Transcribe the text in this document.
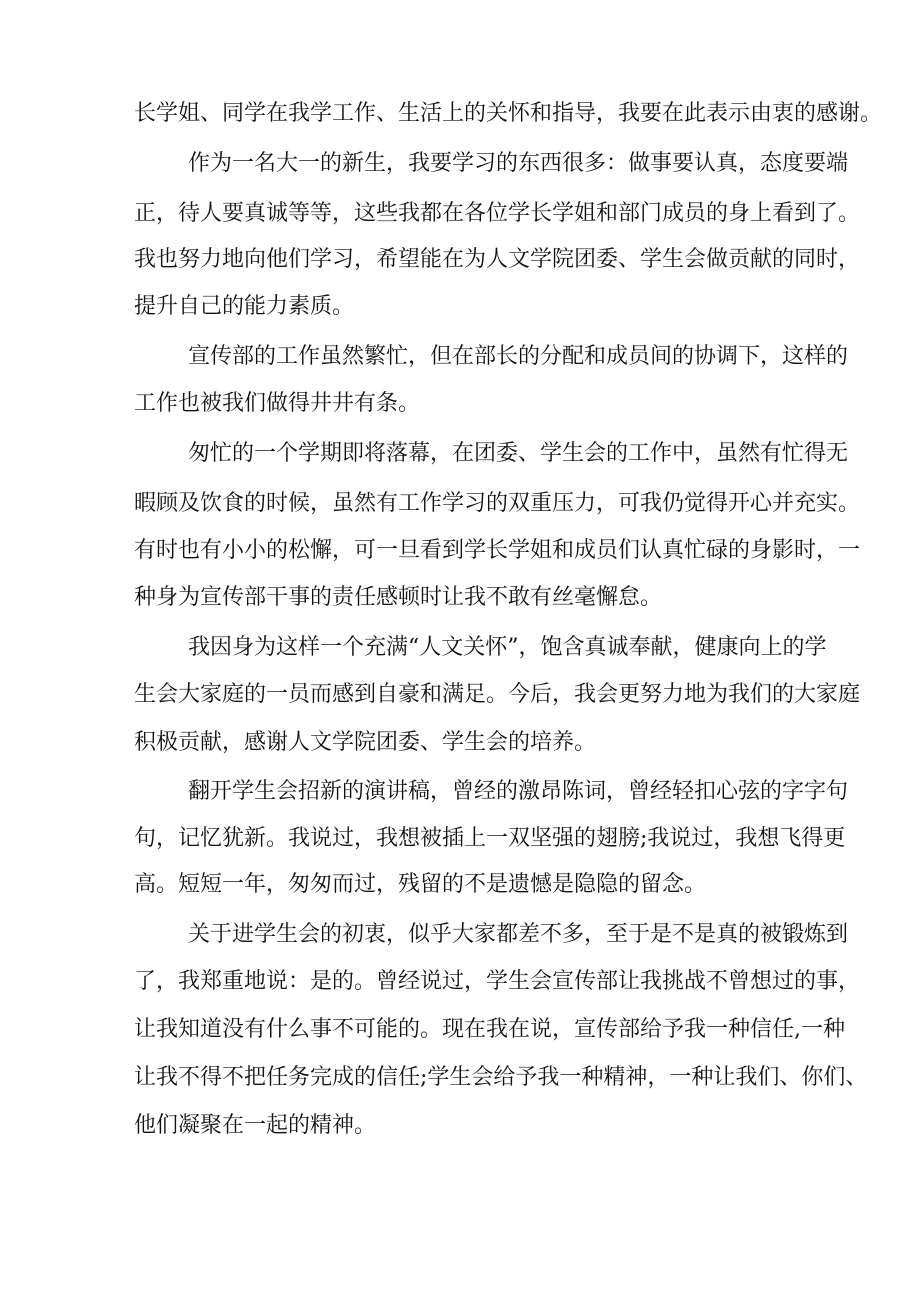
长学姐、同学在我学工作、生活上的关怀和指导，我要在此表示由衷的感谢。
作为一名大一的新生，我要学习的东西很多：做事要认真，态度要端
正，待人要真诚等等，这些我都在各位学长学姐和部门成员的身上看到了。
我也努力地向他们学习，希望能在为人文学院团委、学生会做贡献的同时，
提升自己的能力素质。
宣传部的工作虽然繁忙，但在部长的分配和成员间的协调下，这样的
工作也被我们做得井井有条。
匆忙的一个学期即将落幕，在团委、学生会的工作中，虽然有忙得无
暇顾及饮食的时候，虽然有工作学习的双重压力，可我仍觉得开心并充实。
有时也有小小的松懈，可一旦看到学长学姐和成员们认真忙碌的身影时，一
种身为宣传部干事的责任感顿时让我不敢有丝毫懈怠。
我因身为这样一个充满“人文关怀”，饱含真诚奉献，健康向上的学
生会大家庭的一员而感到自豪和满足。今后，我会更努力地为我们的大家庭
积极贡献，感谢人文学院团委、学生会的培养。
翻开学生会招新的演讲稿，曾经的激昂陈词，曾经轻扣心弦的字字句
句，记忆犹新。我说过，我想被插上一双坚强的翅膀;我说过，我想飞得更
高。短短一年，匆匆而过，残留的不是遗憾是隐隐的留念。
关于进学生会的初衷，似乎大家都差不多，至于是不是真的被锻炼到
了，我郑重地说：是的。曾经说过，学生会宣传部让我挑战不曾想过的事，
让我知道没有什么事不可能的。现在我在说，宣传部给予我一种信任,一种
让我不得不把任务完成的信任;学生会给予我一种精神，一种让我们、你们、
他们凝聚在一起的精神。
